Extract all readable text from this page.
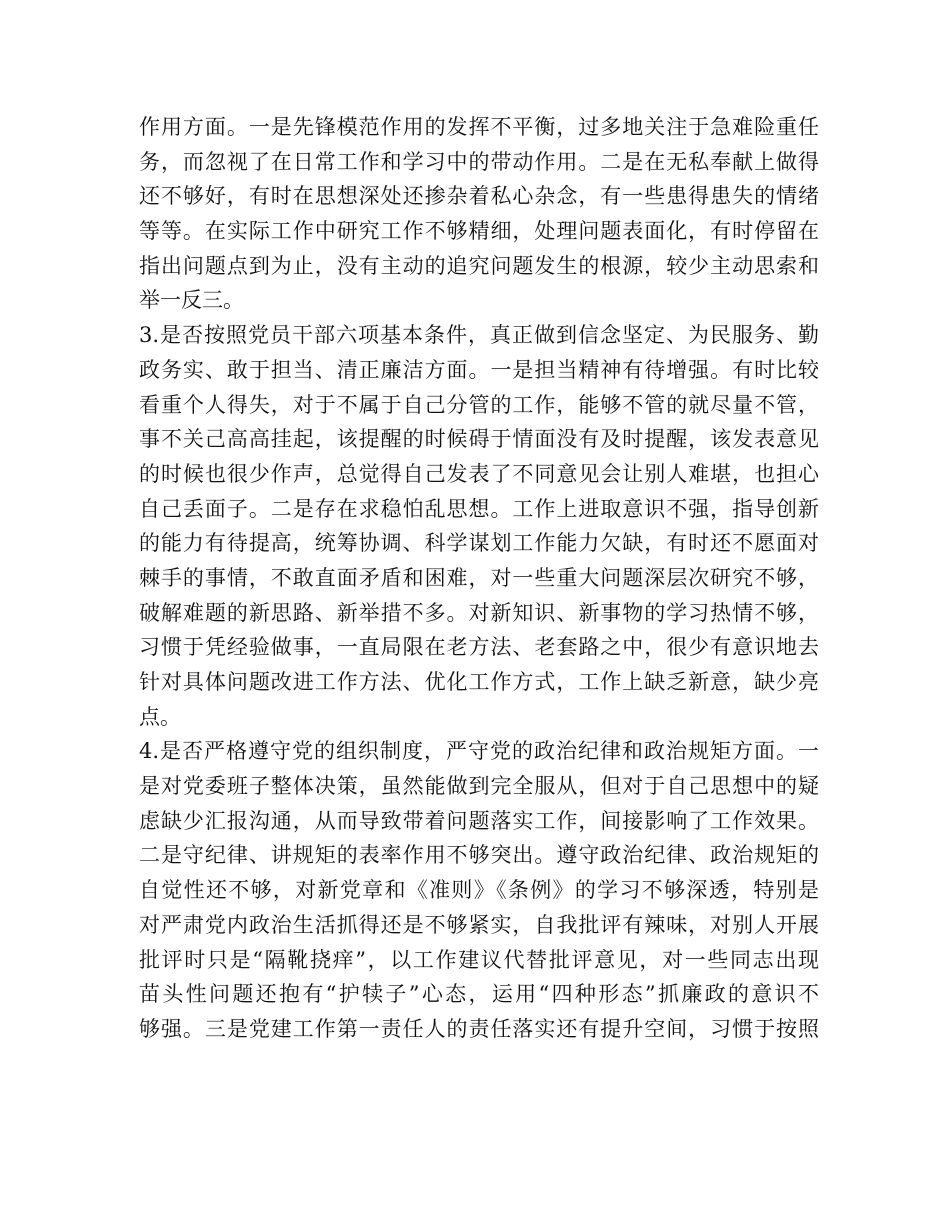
作用方面。一是先锋模范作用的发挥不平衡，过多地关注于急难险重任
务，而忽视了在日常工作和学习中的带动作用。二是在无私奉献上做得
还不够好，有时在思想深处还掺杂着私心杂念，有一些患得患失的情绪
等等。在实际工作中研究工作不够精细，处理问题表面化，有时停留在
指出问题点到为止，没有主动的追究问题发生的根源，较少主动思索和
举一反三。
3.是否按照党员干部六项基本条件，真正做到信念坚定、为民服务、勤
政务实、敢于担当、清正廉洁方面。一是担当精神有待增强。有时比较
看重个人得失，对于不属于自己分管的工作，能够不管的就尽量不管，
事不关己高高挂起，该提醒的时候碍于情面没有及时提醒，该发表意见
的时候也很少作声，总觉得自己发表了不同意见会让别人难堪，也担心
自己丢面子。二是存在求稳怕乱思想。工作上进取意识不强，指导创新
的能力有待提高，统筹协调、科学谋划工作能力欠缺，有时还不愿面对
棘手的事情，不敢直面矛盾和困难，对一些重大问题深层次研究不够，
破解难题的新思路、新举措不多。对新知识、新事物的学习热情不够，
习惯于凭经验做事，一直局限在老方法、老套路之中，很少有意识地去
针对具体问题改进工作方法、优化工作方式，工作上缺乏新意，缺少亮
点。
4.是否严格遵守党的组织制度，严守党的政治纪律和政治规矩方面。一
是对党委班子整体决策，虽然能做到完全服从，但对于自己思想中的疑
虑缺少汇报沟通，从而导致带着问题落实工作，间接影响了工作效果。
二是守纪律、讲规矩的表率作用不够突出。遵守政治纪律、政治规矩的
自觉性还不够，对新党章和《准则》《条例》的学习不够深透，特别是
对严肃党内政治生活抓得还是不够紧实，自我批评有辣味，对别人开展
批评时只是“隔靴挠痒”，以工作建议代替批评意见，对一些同志出现
苗头性问题还抱有“护犊子”心态，运用“四种形态”抓廉政的意识不
够强。三是党建工作第一责任人的责任落实还有提升空间，习惯于按照
